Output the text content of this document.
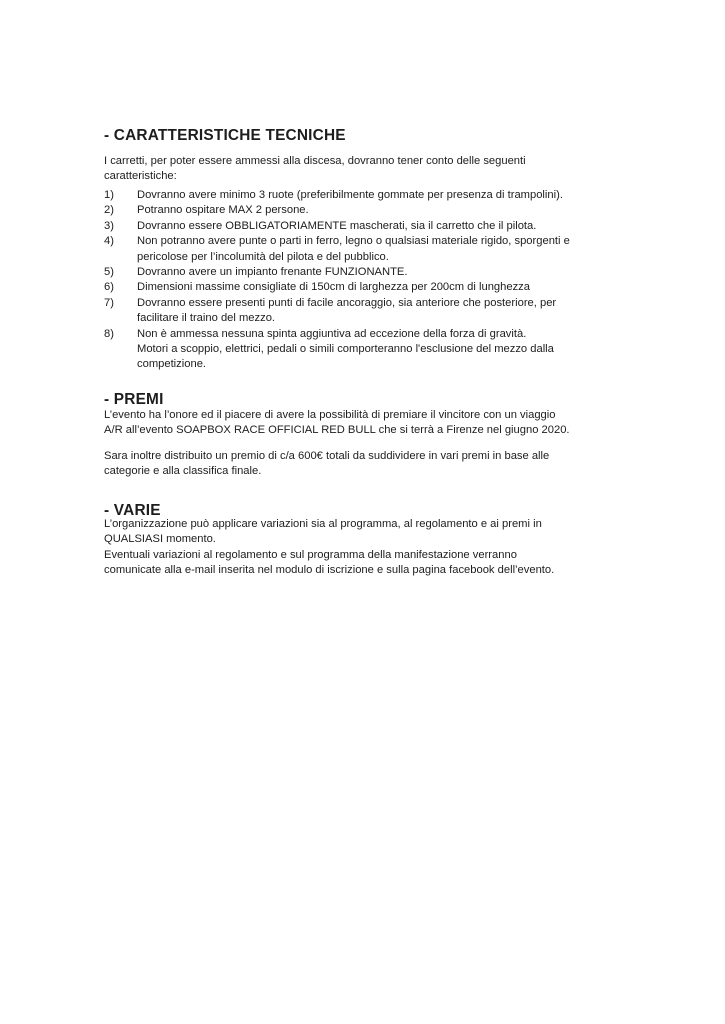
- CARATTERISTICHE TECNICHE
I carretti, per poter essere ammessi alla discesa, dovranno tener conto delle seguenti
caratteristiche:
1)	Dovranno avere minimo 3 ruote (preferibilmente gommate per presenza di trampolini).
2)	Potranno ospitare MAX 2 persone.
3)	Dovranno essere OBBLIGATORIAMENTE mascherati, sia il carretto che il pilota.
4)	Non potranno avere punte o parti in ferro, legno o qualsiasi materiale rigido, sporgenti e
pericolose per l’incolumità del pilota e del pubblico.
5)	Dovranno avere un impianto frenante FUNZIONANTE.
6)	Dimensioni massime consigliate di 150cm di larghezza per 200cm di lunghezza
7)	Dovranno essere presenti punti di facile ancoraggio, sia anteriore che posteriore, per
facilitare il traino del mezzo.
8)	Non è ammessa nessuna spinta aggiuntiva ad eccezione della forza di gravità.
Motori a scoppio, elettrici, pedali o simili comporteranno l'esclusione del mezzo dalla
competizione.
- PREMI
L’evento ha l’onore ed il piacere di avere la possibilità di premiare il vincitore con un viaggio
A/R all’evento SOAPBOX RACE OFFICIAL RED BULL che si terrà a Firenze nel giugno 2020.
Sara inoltre distribuito un premio di c/a 600€ totali da suddividere in vari premi in base alle
categorie e alla classifica finale.
- VARIE
L’organizzazione può applicare variazioni sia al programma, al regolamento e ai premi in
QUALSIASI momento.
Eventuali variazioni al regolamento e sul programma della manifestazione verranno
comunicate alla e-mail inserita nel modulo di iscrizione e sulla pagina facebook dell’evento.
